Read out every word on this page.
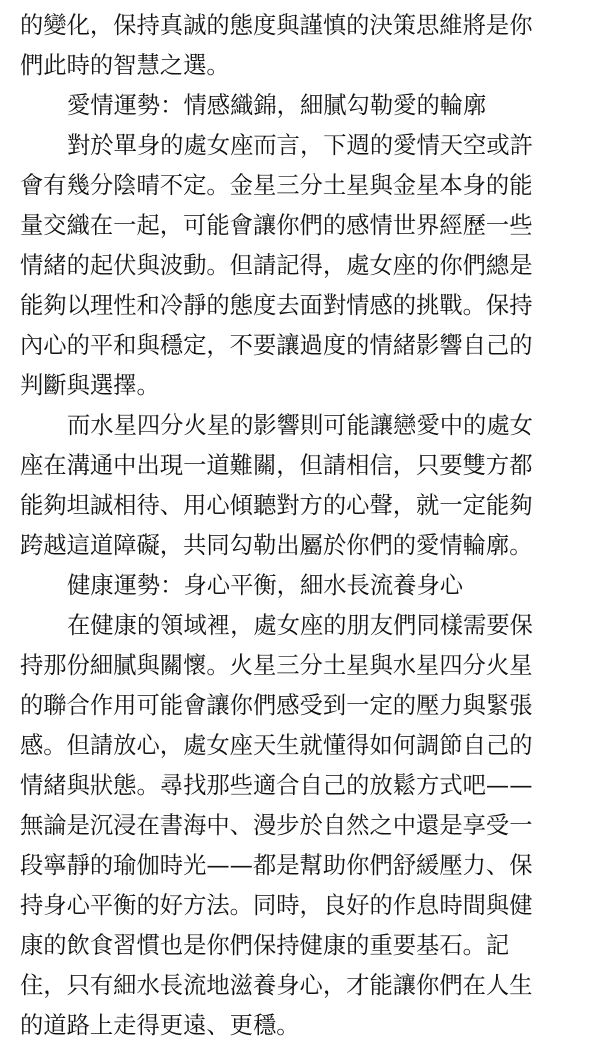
的變化，保持真誠的態度與謹慎的決策思維將是你
們此時的智慧之選。
愛情運勢：情感織錦，細膩勾勒愛的輪廓
對於單身的處女座而言，下週的愛情天空或許
會有幾分陰晴不定。金星三分土星與金星本身的能
量交織在一起，可能會讓你們的感情世界經歷一些
情緒的起伏與波動。但請記得，處女座的你們總是
能夠以理性和冷靜的態度去面對情感的挑戰。保持
內心的平和與穩定，不要讓過度的情緒影響自己的
判斷與選擇。
而水星四分火星的影響則可能讓戀愛中的處女
座在溝通中出現一道難關，但請相信，只要雙方都
能夠坦誠相待、用心傾聽對方的心聲，就一定能夠
跨越這道障礙，共同勾勒出屬於你們的愛情輪廓。
健康運勢：身心平衡，細水長流養身心
在健康的領域裡，處女座的朋友們同樣需要保
持那份細膩與關懷。火星三分土星與水星四分火星
的聯合作用可能會讓你們感受到一定的壓力與緊張
感。但請放心，處女座天生就懂得如何調節自己的
情緒與狀態。尋找那些適合自己的放鬆方式吧——
無論是沉浸在書海中、漫步於自然之中還是享受一
段寧靜的瑜伽時光——都是幫助你們舒緩壓力、保
持身心平衡的好方法。同時，良好的作息時間與健
康的飲食習慣也是你們保持健康的重要基石。記
住，只有細水長流地滋養身心，才能讓你們在人生
的道路上走得更遠、更穩。
